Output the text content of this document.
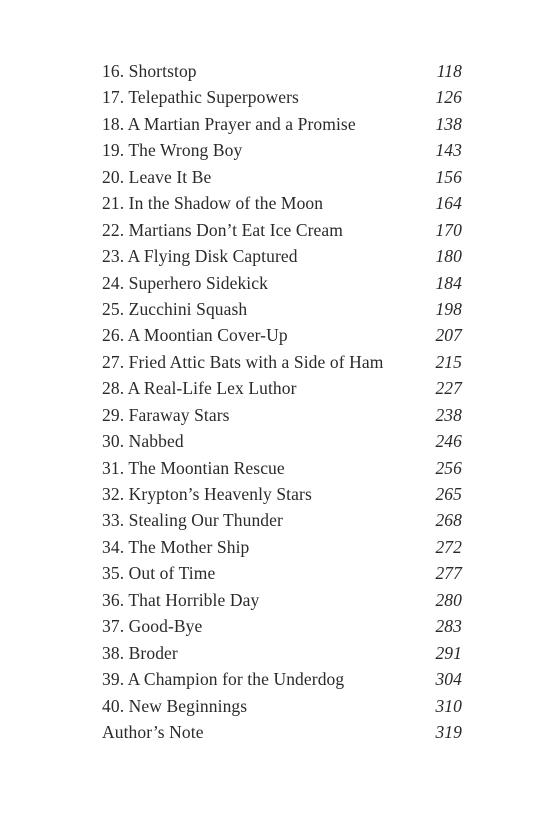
16. Shortstop	118
17. Telepathic Superpowers	126
18. A Martian Prayer and a Promise	138
19. The Wrong Boy	143
20. Leave It Be	156
21. In the Shadow of the Moon	164
22. Martians Don’t Eat Ice Cream	170
23. A Flying Disk Captured	180
24. Superhero Sidekick	184
25. Zucchini Squash	198
26. A Moontian Cover-Up	207
27. Fried Attic Bats with a Side of Ham	215
28. A Real-Life Lex Luthor	227
29. Faraway Stars	238
30. Nabbed	246
31. The Moontian Rescue	256
32. Krypton’s Heavenly Stars	265
33. Stealing Our Thunder	268
34. The Mother Ship	272
35. Out of Time	277
36. That Horrible Day	280
37. Good-Bye	283
38. Broder	291
39. A Champion for the Underdog	304
40. New Beginnings	310
Author’s Note	319
